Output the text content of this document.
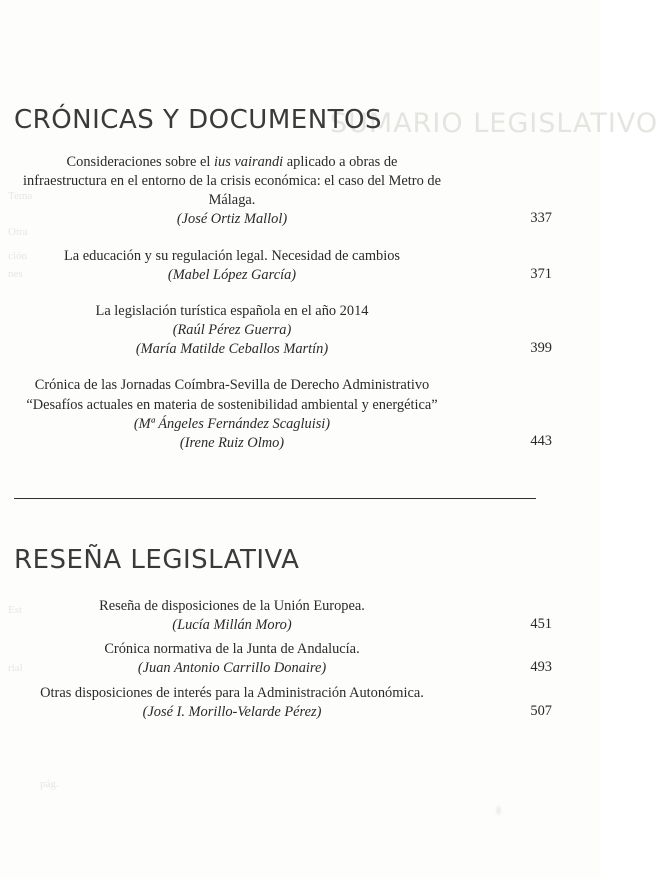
SUMARIO LEGISLATIVO
Tema
Otra
ción
nes
Est
rial
pág.
CRÓNICAS Y DOCUMENTOS
Consideraciones sobre el ius vairandi aplicado a obras de
infraestructura en el entorno de la crisis económica: el caso del Metro de
Málaga.
(José Ortiz Mallol)	337
La educación y su regulación legal. Necesidad de cambios
(Mabel López García)	371
La legislación turística española en el año 2014
(Raúl Pérez Guerra)
(María Matilde Ceballos Martín)	399
Crónica de las Jornadas Coímbra-Sevilla de Derecho Administrativo
“Desafíos actuales en materia de sostenibilidad ambiental y energética”
(Mª Ángeles Fernández Scagluisi)
(Irene Ruiz Olmo)	443
RESEÑA LEGISLATIVA
Reseña de disposiciones de la Unión Europea.
(Lucía Millán Moro)	451
Crónica normativa de la Junta de Andalucía.
(Juan Antonio Carrillo Donaire)	493
Otras disposiciones de interés para la Administración Autonómica.
(José I. Morillo-Velarde Pérez)	507
